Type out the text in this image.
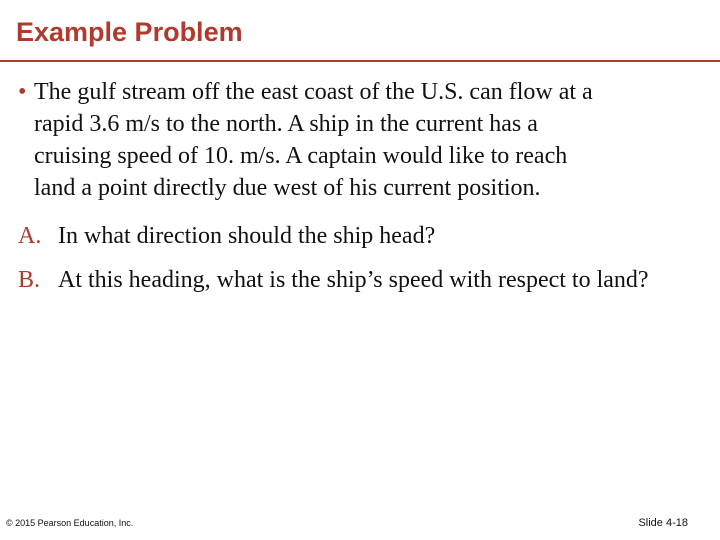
Example Problem
• The gulf stream off the east coast of the U.S. can flow at a
rapid 3.6 m/s to the north. A ship in the current has a
cruising speed of 10. m/s. A captain would like to reach
land a point directly due west of his current position.
A. In what direction should the ship head?
B. At this heading, what is the ship’s speed with respect to land?
© 2015 Pearson Education, Inc.	Slide 4-18
